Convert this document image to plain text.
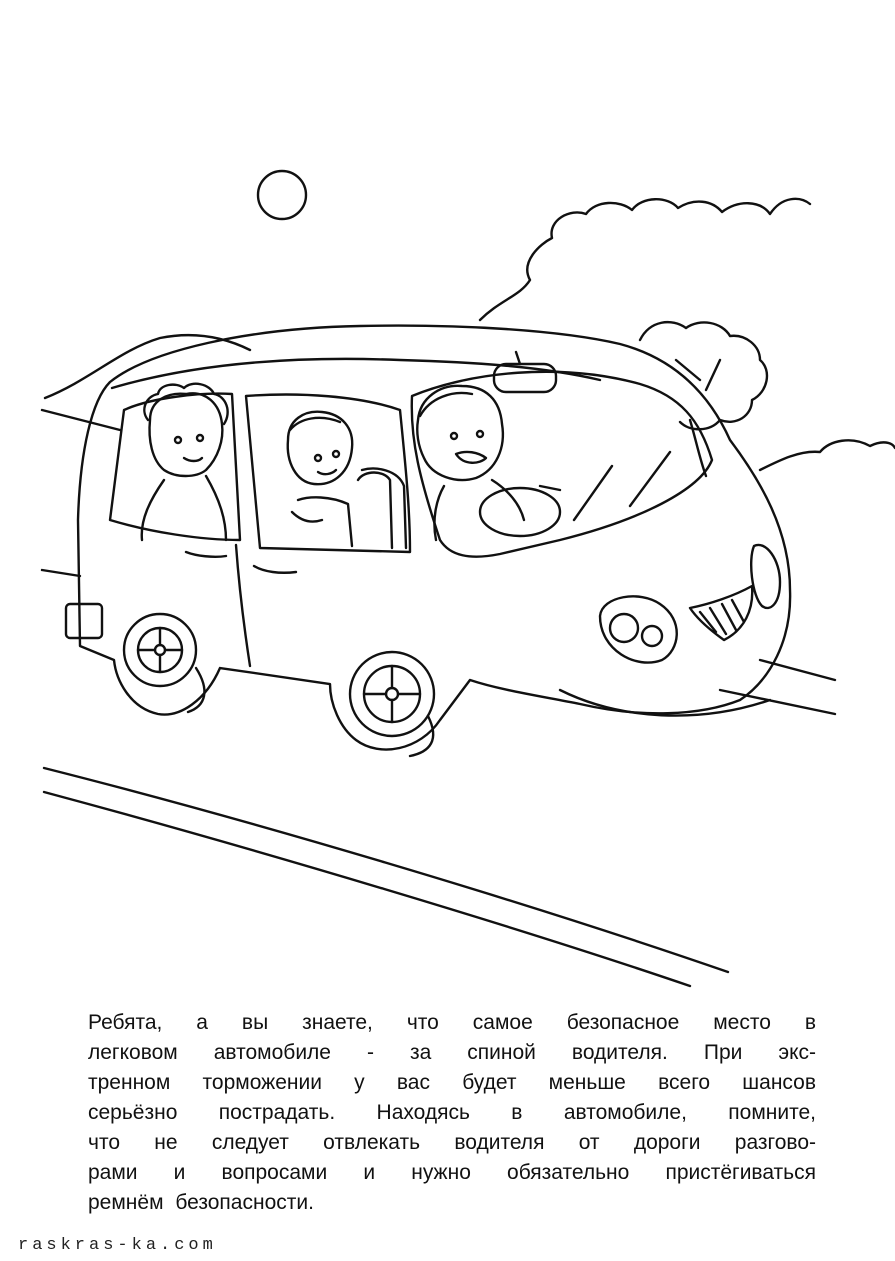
Ребята, а вы знаете, что самое безопасное место в
легковом автомобиле - за спиной водителя. При экс-
тренном торможении у вас будет меньше всего шансов
серьёзно пострадать. Находясь в автомобиле, помните,
что не следует отвлекать водителя от дороги разгово-
рами и вопросами и нужно обязательно пристёгиваться
ремнём безопасности.
raskras-ka.com
